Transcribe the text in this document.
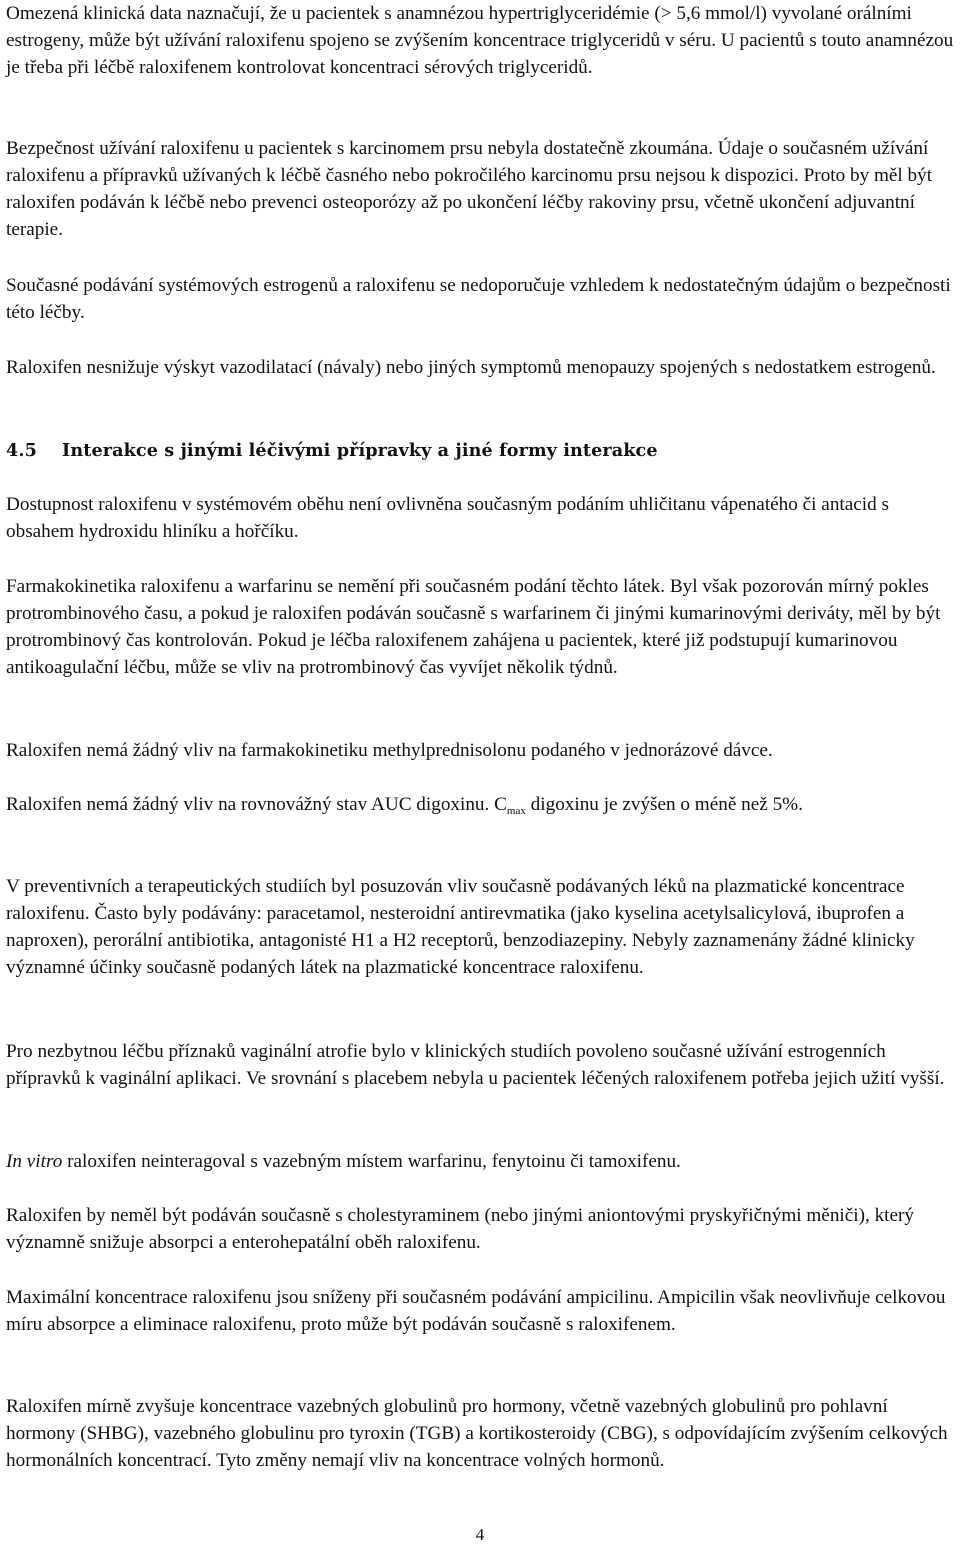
Omezená klinická data naznačují, že u pacientek s anamnézou hypertriglyceridémie (> 5,6 mmol/l) vyvolané orálními estrogeny, může být užívání raloxifenu spojeno se zvýšením koncentrace triglyceridů v séru. U pacientů s touto anamnézou je třeba při léčbě raloxifenem kontrolovat koncentraci sérových triglyceridů.

Bezpečnost užívání raloxifenu u pacientek s karcinomem prsu nebyla dostatečně zkoumána. Údaje o současném užívání raloxifenu a přípravků užívaných k léčbě časného nebo pokročilého karcinomu prsu nejsou k dispozici. Proto by měl být raloxifen podáván k léčbě nebo prevenci osteoporózy až po ukončení léčby rakoviny prsu, včetně ukončení adjuvantní terapie.

Současné podávání systémových estrogenů a raloxifenu se nedoporučuje vzhledem k nedostatečným údajům o bezpečnosti této léčby.

Raloxifen nesnižuje výskyt vazodilatací (návaly) nebo jiných symptomů menopauzy spojených s nedostatkem estrogenů.

4.5 Interakce s jinými léčivými přípravky a jiné formy interakce

Dostupnost raloxifenu v systémovém oběhu není ovlivněna současným podáním uhličitanu vápenatého či antacid s obsahem hydroxidu hliníku a hořčíku.

Farmakokinetika raloxifenu a warfarinu se nemění při současném podání těchto látek. Byl však pozorován mírný pokles protrombinového času, a pokud je raloxifen podáván současně s warfarinem či jinými kumarinovými deriváty, měl by být protrombinový čas kontrolován. Pokud je léčba raloxifenem zahájena u pacientek, které již podstupují kumarinovou antikoagulační léčbu, může se vliv na protrombinový čas vyvíjet několik týdnů.

Raloxifen nemá žádný vliv na farmakokinetiku methylprednisolonu podaného v jednorázové dávce.

Raloxifen nemá žádný vliv na rovnovážný stav AUC digoxinu. $C_{max}$ digoxinu je zvýšen o méně než 5%.

V preventivních a terapeutických studiích byl posuzován vliv současně podávaných léků na plazmatické koncentrace raloxifenu. Často byly podávány: paracetamol, nesteroidní antirevmatika (jako kyselina acetylsalicylová, ibuprofen a naproxen), perorální antibiotika, antagonisté H1 a H2 receptorů, benzodiazepiny. Nebyly zaznamenány žádné klinicky významné účinky současně podaných látek na plazmatické koncentrace raloxifenu.

Pro nezbytnou léčbu příznaků vaginální atrofie bylo v klinických studiích povoleno současné užívání estrogenních přípravků k vaginální aplikaci. Ve srovnání s placebem nebyla u pacientek léčených raloxifenem potřeba jejich užití vyšší.

In vitro raloxifen neinteragoval s vazebným místem warfarinu, fenytoinu či tamoxifenu.

Raloxifen by neměl být podáván současně s cholestyraminem (nebo jinými aniontovými pryskyřičnými měniči), který významně snižuje absorpci a enterohepatální oběh raloxifenu.

Maximální koncentrace raloxifenu jsou sníženy při současném podávání ampicilinu. Ampicilin však neovlivňuje celkovou míru absorpce a eliminace raloxifenu, proto může být podáván současně s raloxifenem.

Raloxifen mírně zvyšuje koncentrace vazebných globulinů pro hormony, včetně vazebných globulinů pro pohlavní hormony (SHBG), vazebného globulinu pro tyroxin (TGB) a kortikosteroidy (CBG), s odpovídajícím zvýšením celkových hormonálních koncentrací. Tyto změny nemají vliv na koncentrace volných hormonů.

4
